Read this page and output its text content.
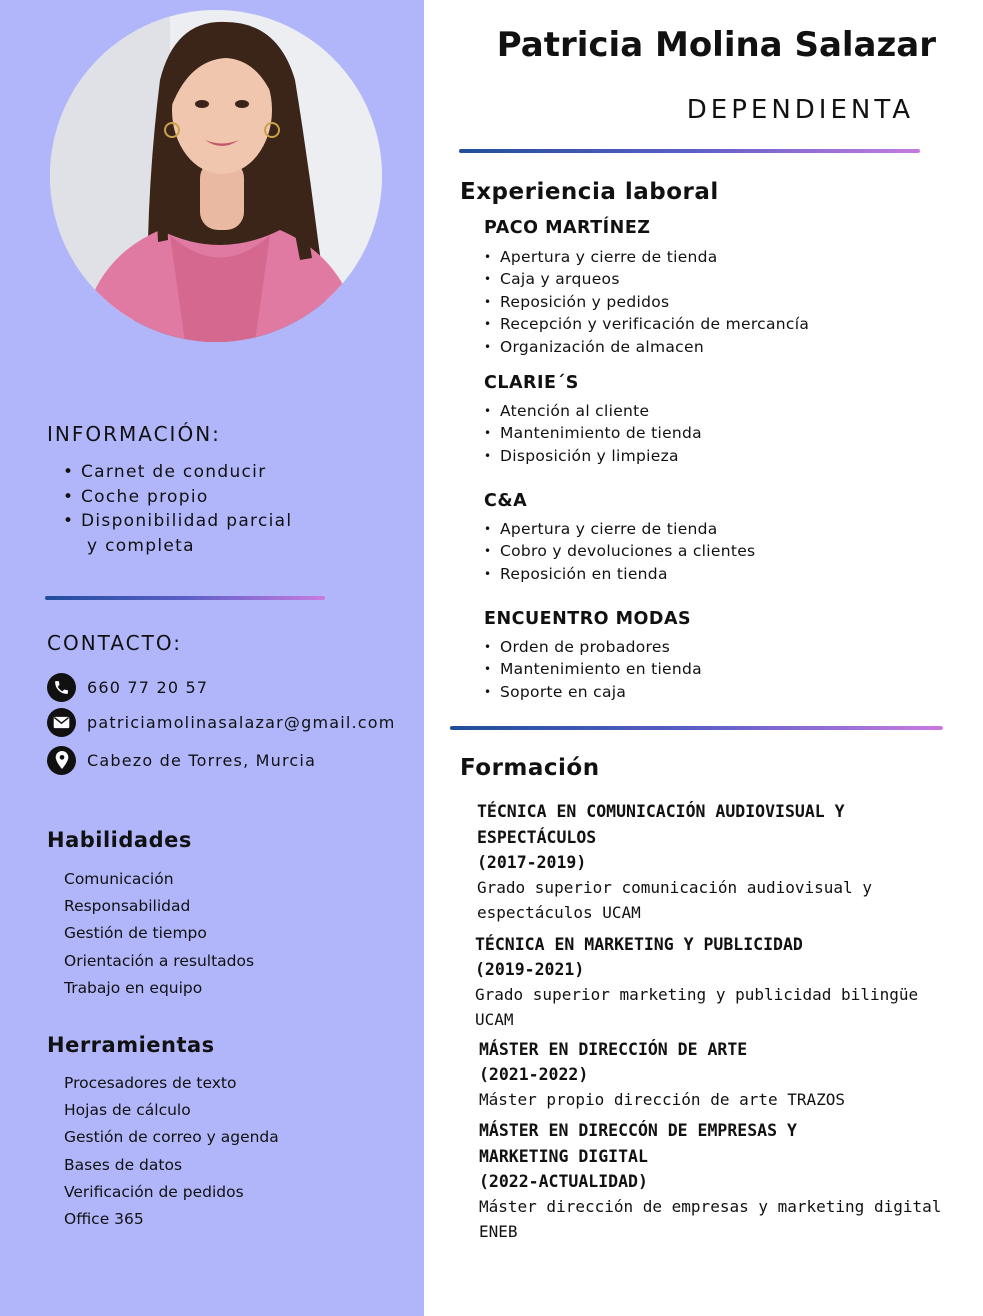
INFORMACIÓN:
• Carnet de conducir
• Coche propio
• Disponibilidad parcial
y completa
CONTACTO:
660 77 20 57
patriciamolinasalazar@gmail.com
Cabezo de Torres, Murcia
Habilidades
Comunicación
Responsabilidad
Gestión de tiempo
Orientación a resultados
Trabajo en equipo
Herramientas
Procesadores de texto
Hojas de cálculo
Gestión de correo y agenda
Bases de datos
Verificación de pedidos
Office 365
Patricia Molina Salazar
DEPENDIENTA
Experiencia laboral
PACO MARTÍNEZ
• Apertura y cierre de tienda
• Caja y arqueos
• Reposición y pedidos
• Recepción y verificación de mercancía
• Organización de almacen
CLARIE´S
• Atención al cliente
• Mantenimiento de tienda
• Disposición y limpieza
C&A
• Apertura y cierre de tienda
• Cobro y devoluciones a clientes
• Reposición en tienda
ENCUENTRO MODAS
• Orden de probadores
• Mantenimiento en tienda
• Soporte en caja
Formación
TÉCNICA EN COMUNICACIÓN AUDIOVISUAL Y
ESPECTÁCULOS
(2017-2019)
Grado superior comunicación audiovisual y
espectáculos UCAM
TÉCNICA EN MARKETING Y PUBLICIDAD
(2019-2021)
Grado superior marketing y publicidad bilingüe
UCAM
MÁSTER EN DIRECCIÓN DE ARTE
(2021-2022)
Máster propio dirección de arte TRAZOS
MÁSTER EN DIRECCÓN DE EMPRESAS Y
MARKETING DIGITAL
(2022-ACTUALIDAD)
Máster dirección de empresas y marketing digital
ENEB
